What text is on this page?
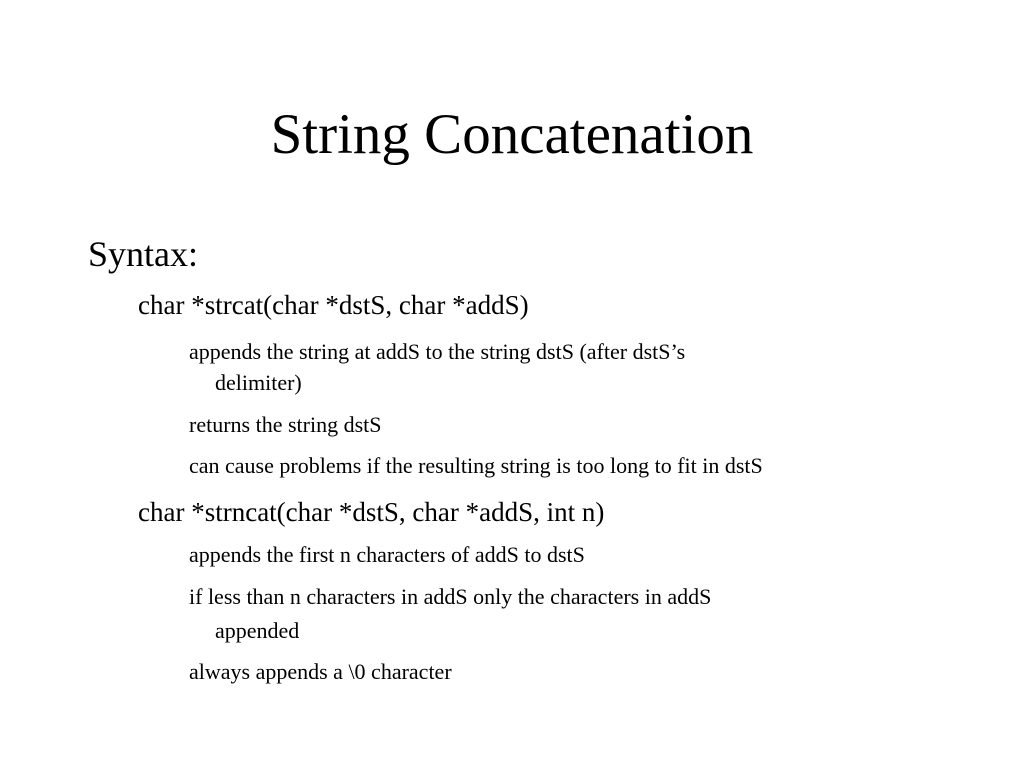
String Concatenation
Syntax:
char *strcat(char *dstS, char *addS)
appends the string at addS to the string dstS (after dstS’s
delimiter)
returns the string dstS
can cause problems if the resulting string is too long to fit in dstS
char *strncat(char *dstS, char *addS, int n)
appends the first n characters of addS to dstS
if less than n characters in addS only the characters in addS
appended
always appends a \0 character
